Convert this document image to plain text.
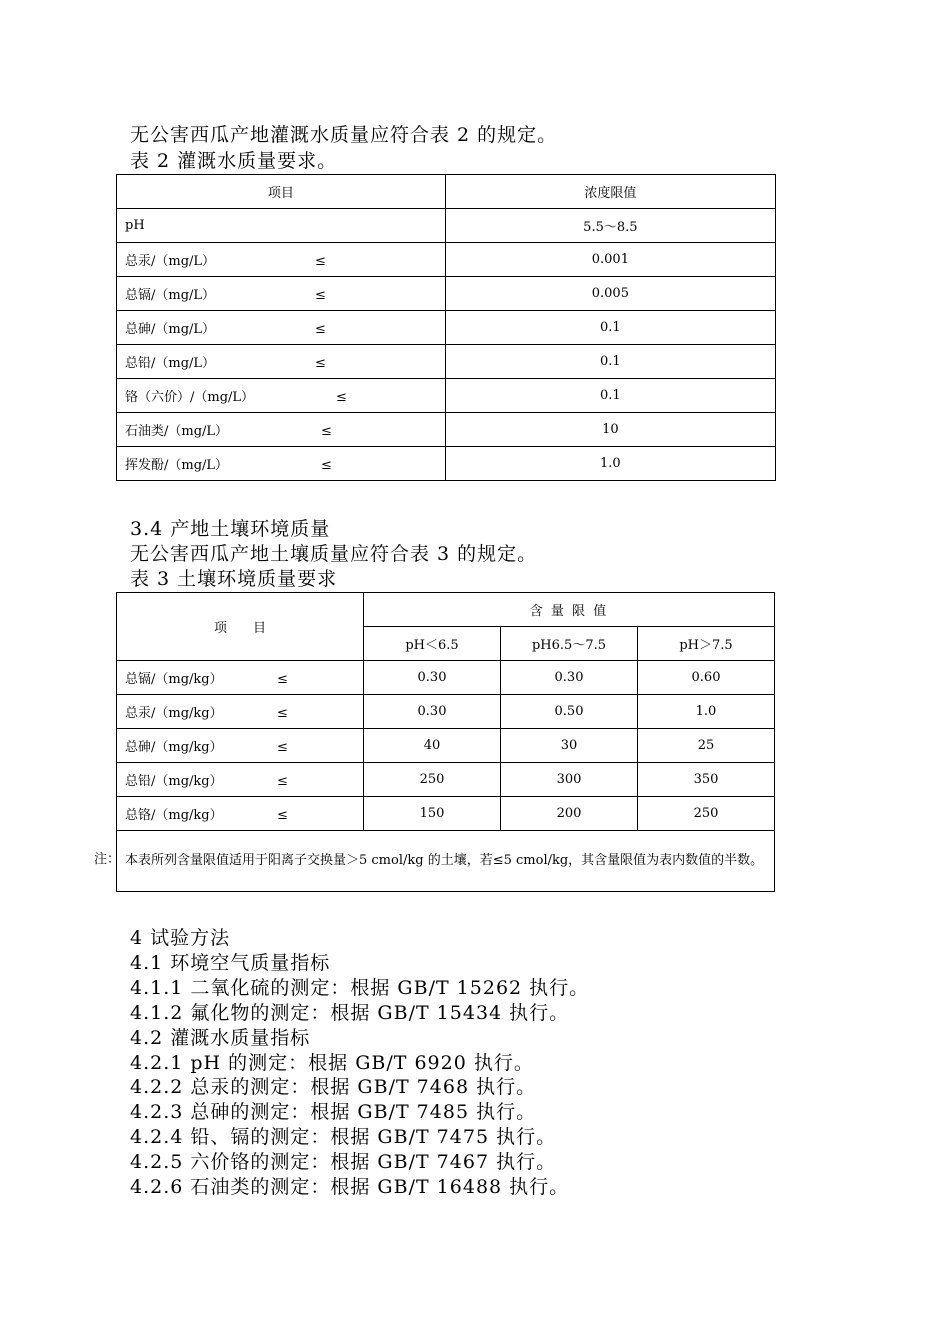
无公害西瓜产地灌溉水质量应符合表 2 的规定。
表 2 灌溉水质量要求。
项目	浓度限值
pH	5.5～8.5
总汞/（mg/L） ≤	0.001
总镉/（mg/L） ≤	0.005
总砷/（mg/L） ≤	0.1
总铅/（mg/L） ≤	0.1
铬（六价）/（mg/L） ≤	0.1
石油类/（mg/L） ≤	10
挥发酚/（mg/L） ≤	1.0
3.4 产地土壤环境质量
无公害西瓜产地土壤质量应符合表 3 的规定。
表 3 土壤环境质量要求
项　　目	含 量 限 值		
	pH＜6.5	pH6.5～7.5	pH＞7.5
总镉/（mg/kg） ≤	0.30	0.30	0.60
总汞/（mg/kg） ≤	0.30	0.50	1.0
总砷/（mg/kg） ≤	40	30	25
总铅/（mg/kg） ≤	250	300	350
总铬/（mg/kg） ≤	150	200	250
本表所列含量限值适用于阳离子交换量＞5 cmol/kg 的土壤，若≤5 cmol/kg，其含量限值为表内数值的半数。			
注：
4 试验方法
4.1 环境空气质量指标
4.1.1 二氧化硫的测定：根据 GB/T 15262 执行。
4.1.2 氟化物的测定：根据 GB/T 15434 执行。
4.2 灌溉水质量指标
4.2.1 pH 的测定：根据 GB/T 6920 执行。
4.2.2 总汞的测定：根据 GB/T 7468 执行。
4.2.3 总砷的测定：根据 GB/T 7485 执行。
4.2.4 铅、镉的测定：根据 GB/T 7475 执行。
4.2.5 六价铬的测定：根据 GB/T 7467 执行。
4.2.6 石油类的测定：根据 GB/T 16488 执行。
